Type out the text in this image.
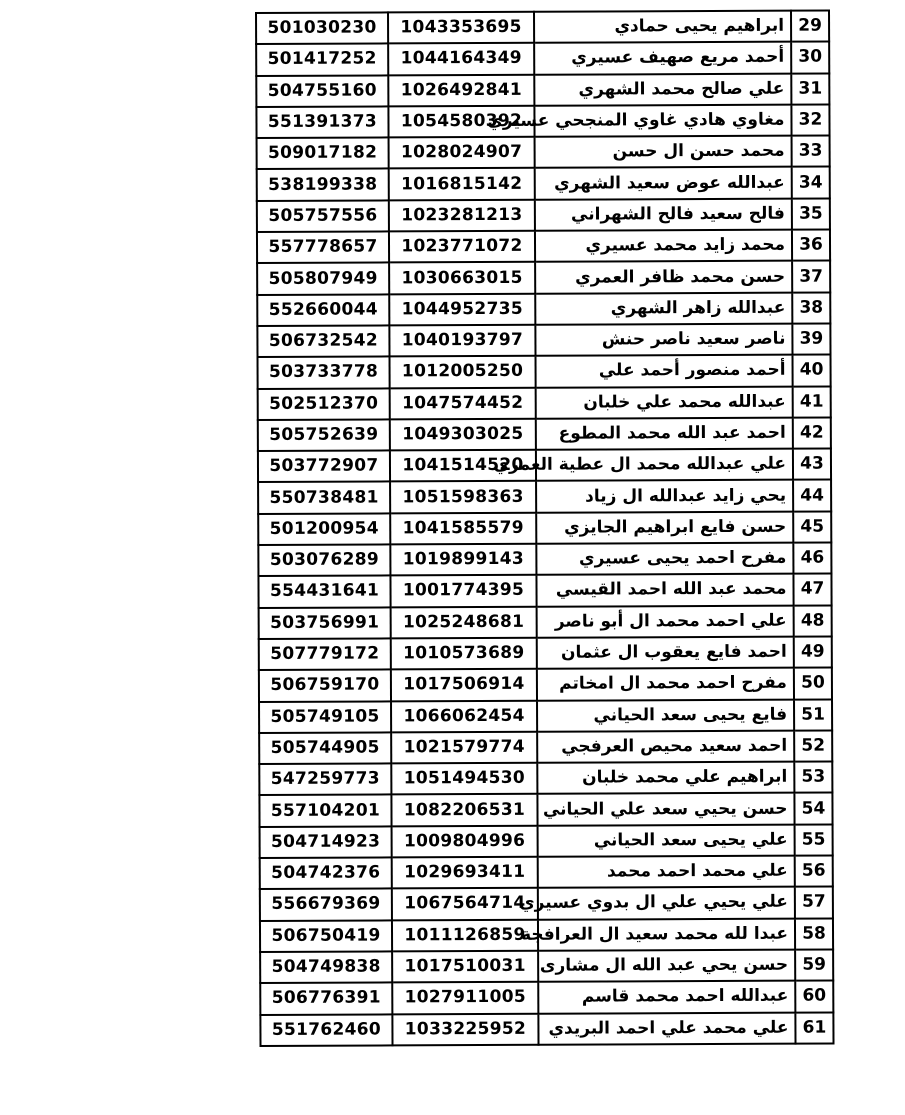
501030230	1043353695	ابراهيم يحيى حمادي	29
501417252	1044164349	أحمد مريع صهيف عسيري	30
504755160	1026492841	علي صالح محمد الشهري	31
551391373	1054580392	مغاوي هادي غاوي المنجحي عسيري	32
509017182	1028024907	محمد حسن ال حسن	33
538199338	1016815142	عبدالله عوض سعيد الشهري	34
505757556	1023281213	فالح سعيد فالح الشهراني	35
557778657	1023771072	محمد زايد محمد عسيري	36
505807949	1030663015	حسن محمد ظافر العمري	37
552660044	1044952735	عبدالله زاهر الشهري	38
506732542	1040193797	ناصر سعيد ناصر حنش	39
503733778	1012005250	أحمد منصور أحمد علي	40
502512370	1047574452	عبدالله محمد علي خلبان	41
505752639	1049303025	احمد عبد الله محمد المطوع	42
503772907	1041514520	علي عبدالله محمد ال عطية العمري	43
550738481	1051598363	يحي زايد عبدالله ال زياد	44
501200954	1041585579	حسن فايع ابراهيم الجايزي	45
503076289	1019899143	مفرح احمد يحيى عسيري	46
554431641	1001774395	محمد عبد الله احمد القيسي	47
503756991	1025248681	علي احمد محمد ال أبو ناصر	48
507779172	1010573689	احمد فايع يعقوب ال عثمان	49
506759170	1017506914	مفرح احمد محمد ال امخاتم	50
505749105	1066062454	فايع يحيى سعد الحياني	51
505744905	1021579774	احمد سعيد محيص العرفجي	52
547259773	1051494530	ابراهيم علي محمد خلبان	53
557104201	1082206531	حسن يحيي سعد علي الحياني	54
504714923	1009804996	علي يحيى سعد الحياني	55
504742376	1029693411	علي محمد احمد محمد	56
556679369	1067564714	علي يحيي علي ال بدوي عسيري	57
506750419	1011126859	عبدا لله محمد سعيد ال العرافجة	58
504749838	1017510031	حسن يحي عبد الله ال مشارى	59
506776391	1027911005	عبدالله احمد محمد قاسم	60
551762460	1033225952	علي محمد علي احمد البريدي	61
